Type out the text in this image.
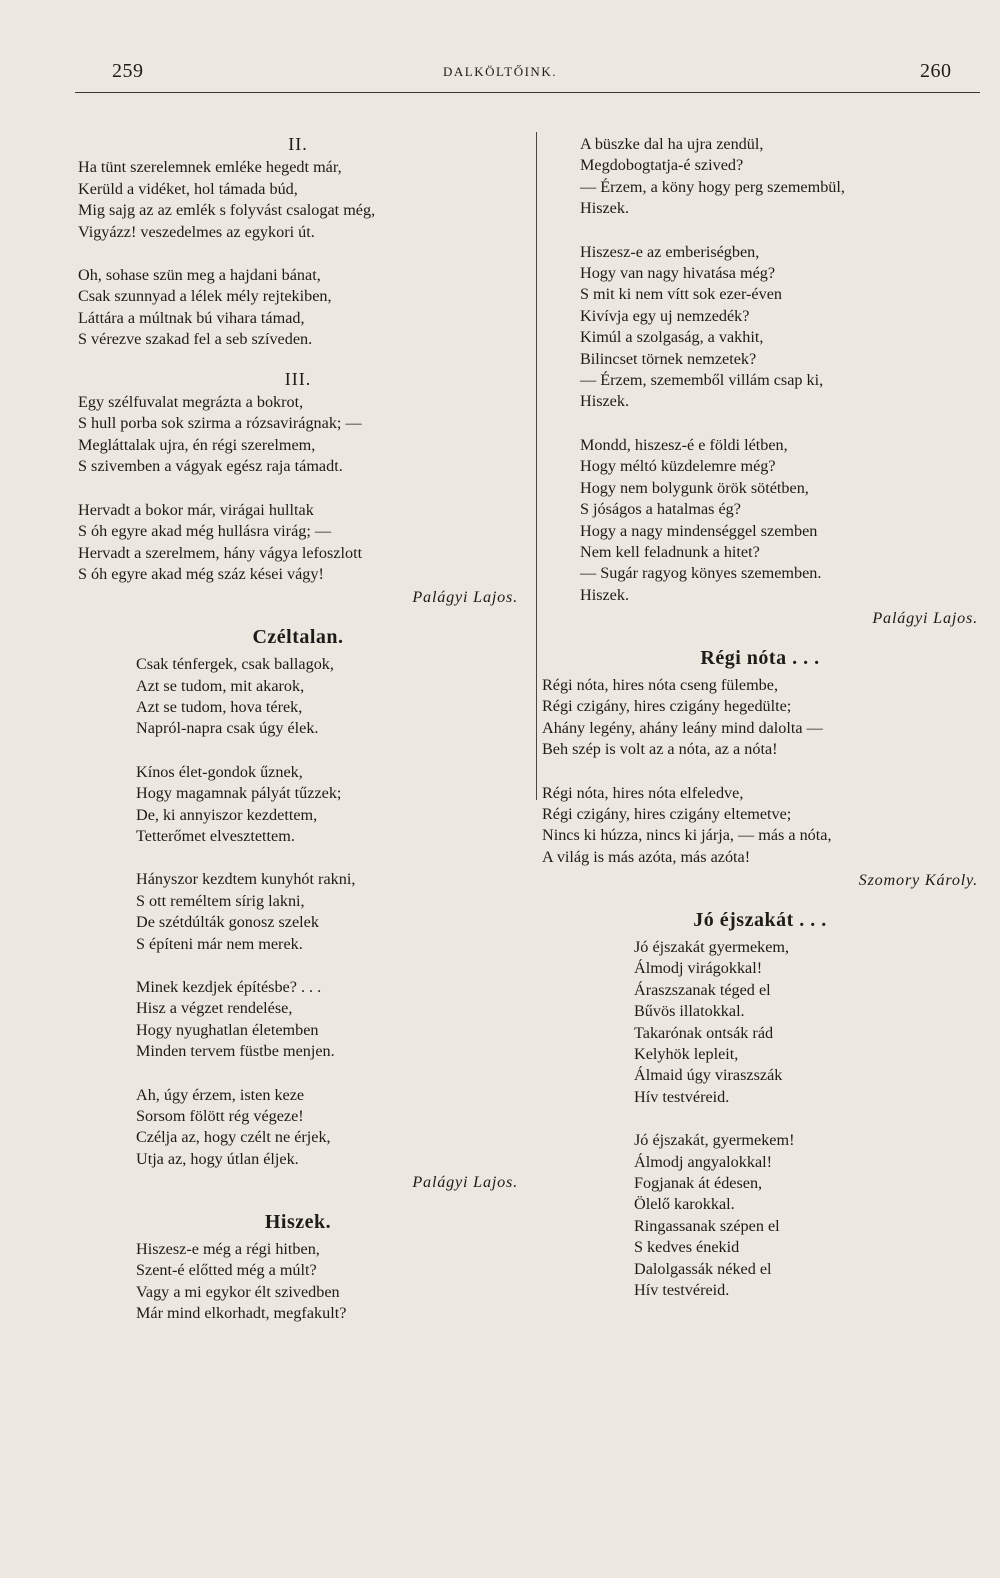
259	DALKÖLTŐINK.	260
II.
Ha tünt szerelemnek emléke hegedt már,
Kerüld a vidéket, hol támada búd,
Mig sajg az az emlék s folyvást csalogat még,
Vigyázz! veszedelmes az egykori út.
Oh, sohase szün meg a hajdani bánat,
Csak szunnyad a lélek mély rejtekiben,
Láttára a múltnak bú vihara támad,
S vérezve szakad fel a seb szíveden.
III.
Egy szélfuvalat megrázta a bokrot,
S hull porba sok szirma a rózsavirágnak; —
Megláttalak ujra, én régi szerelmem,
S szivemben a vágyak egész raja támadt.
Hervadt a bokor már, virágai hulltak
S óh egyre akad még hullásra virág; —
Hervadt a szerelmem, hány vágya lefoszlott
S óh egyre akad még száz kései vágy!
Palágyi Lajos.
Czéltalan.
Csak ténfergek, csak ballagok,
Azt se tudom, mit akarok,
Azt se tudom, hova térek,
Napról-napra csak úgy élek.
Kínos élet-gondok űznek,
Hogy magamnak pályát tűzzek;
De, ki annyiszor kezdettem,
Tetterőmet elvesztettem.
Hányszor kezdtem kunyhót rakni,
S ott reméltem sírig lakni,
De szétdúlták gonosz szelek
S építeni már nem merek.
Minek kezdjek építésbe? . . .
Hisz a végzet rendelése,
Hogy nyughatlan életemben
Minden tervem füstbe menjen.
Ah, úgy érzem, isten keze
Sorsom fölött rég végeze!
Czélja az, hogy czélt ne érjek,
Utja az, hogy útlan éljek.
Palágyi Lajos.
Hiszek.
Hiszesz-e még a régi hitben,
Szent-é előtted még a múlt?
Vagy a mi egykor élt szivedben
Már mind elkorhadt, megfakult?
A büszke dal ha ujra zendül,
Megdobogtatja-é szived?
— Érzem, a köny hogy perg szemembül,
Hiszek.
Hiszesz-e az emberiségben,
Hogy van nagy hivatása még?
S mit ki nem vítt sok ezer-éven
Kivívja egy uj nemzedék?
Kimúl a szolgaság, a vakhit,
Bilincset törnek nemzetek?
— Érzem, szememből villám csap ki,
Hiszek.
Mondd, hiszesz-é e földi létben,
Hogy méltó küzdelemre még?
Hogy nem bolygunk örök sötétben,
S jóságos a hatalmas ég?
Hogy a nagy mindenséggel szemben
Nem kell feladnunk a hitet?
— Sugár ragyog könyes szememben.
Hiszek.
Palágyi Lajos.
Régi nóta . . .
Régi nóta, hires nóta cseng fülembe,
Régi czigány, hires czigány hegedülte;
Ahány legény, ahány leány mind dalolta —
Beh szép is volt az a nóta, az a nóta!
Régi nóta, hires nóta elfeledve,
Régi czigány, hires czigány eltemetve;
Nincs ki húzza, nincs ki járja, — más a nóta,
A világ is más azóta, más azóta!
Szomory Károly.
Jó éjszakát . . .
Jó éjszakát gyermekem,
Álmodj virágokkal!
Áraszszanak téged el
Bűvös illatokkal.
Takarónak ontsák rád
Kelyhök lepleit,
Álmaid úgy viraszszák
Hív testvéreid.
Jó éjszakát, gyermekem!
Álmodj angyalokkal!
Fogjanak át édesen,
Ölelő karokkal.
Ringassanak szépen el
S kedves énekid
Dalolgassák néked el
Hív testvéreid.
